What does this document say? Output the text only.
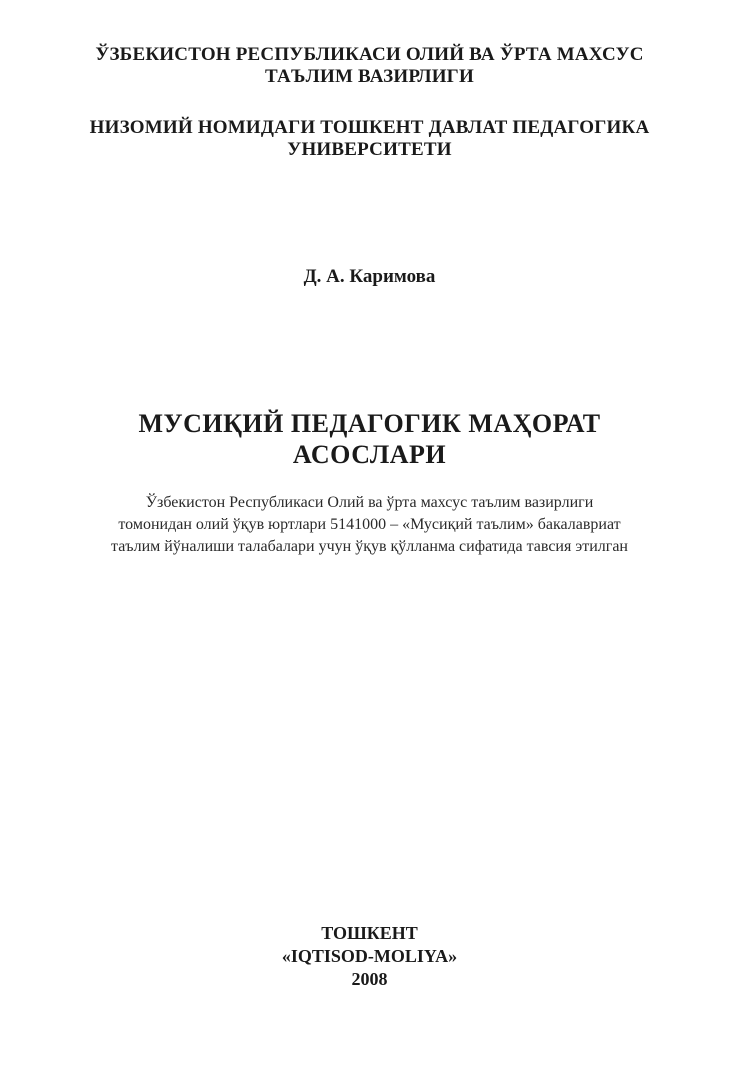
ЎЗБЕКИСТОН РЕСПУБЛИКАСИ ОЛИЙ ВА ЎРТА МАХСУС
ТАЪЛИМ ВАЗИРЛИГИ
НИЗОМИЙ НОМИДАГИ ТОШКЕНТ ДАВЛАТ ПЕДАГОГИКА
УНИВЕРСИТЕТИ
Д. А. Каримова
МУСИҚИЙ ПЕДАГОГИК МАҲОРАТ
АСОСЛАРИ
Ўзбекистон Республикаси Олий ва ўрта махсус таълим вазирлиги
томонидан олий ўқув юртлари 5141000 – «Мусиқий таълим» бакалавриат
таълим йўналиши талабалари учун ўқув қўлланма сифатида тавсия этилган
ТОШКЕНТ
«IQTISOD-MOLIYA»
2008
